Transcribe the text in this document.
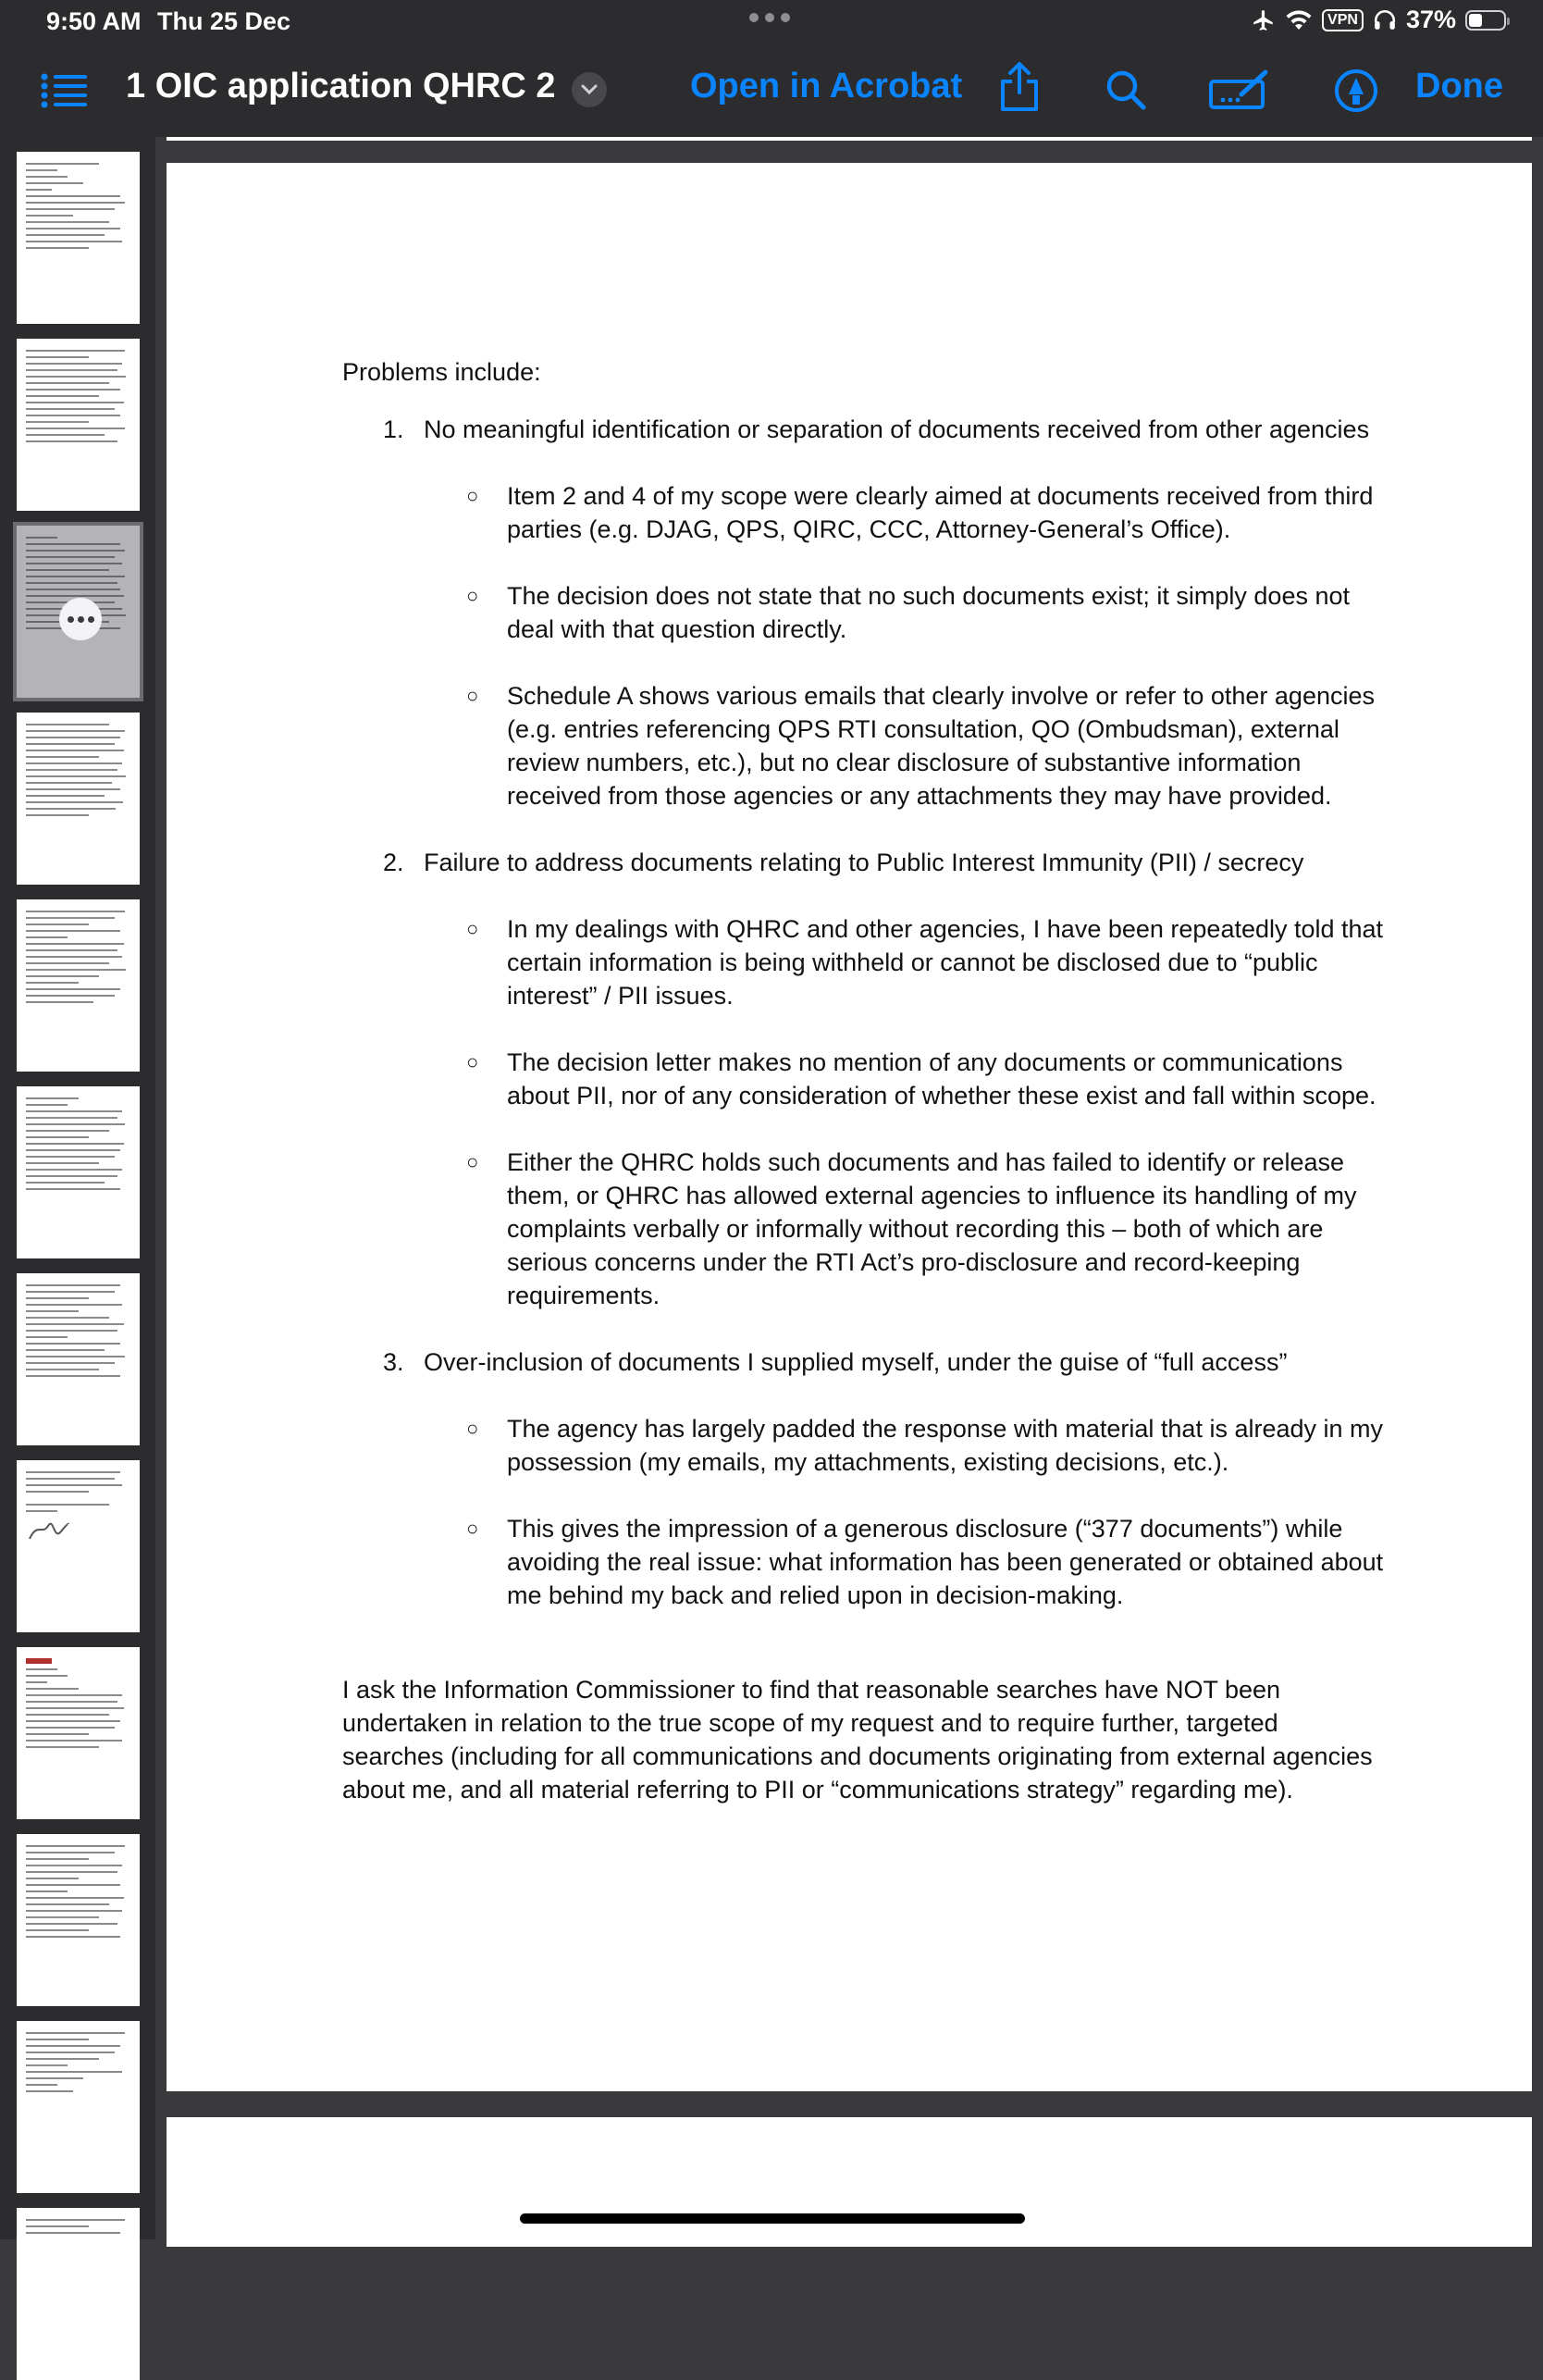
9:50 AM Thu 25 Dec	VPN 37%
1 OIC application QHRC 2	Open in Acrobat	Done

Problems include:

1. No meaningful identification or separation of documents received from other agencies
○	Item 2 and 4 of my scope were clearly aimed at documents received from third parties (e.g. DJAG, QPS, QIRC, CCC, Attorney-General’s Office).
○	The decision does not state that no such documents exist; it simply does not deal with that question directly.
○	Schedule A shows various emails that clearly involve or refer to other agencies (e.g. entries referencing QPS RTI consultation, QO (Ombudsman), external review numbers, etc.), but no clear disclosure of substantive information received from those agencies or any attachments they may have provided.
2. Failure to address documents relating to Public Interest Immunity (PII) / secrecy
○	In my dealings with QHRC and other agencies, I have been repeatedly told that certain information is being withheld or cannot be disclosed due to “public interest” / PII issues.
○	The decision letter makes no mention of any documents or communications about PII, nor of any consideration of whether these exist and fall within scope.
○	Either the QHRC holds such documents and has failed to identify or release them, or QHRC has allowed external agencies to influence its handling of my complaints verbally or informally without recording this – both of which are serious concerns under the RTI Act’s pro-disclosure and record-keeping requirements.
3. Over-inclusion of documents I supplied myself, under the guise of “full access”
○	The agency has largely padded the response with material that is already in my possession (my emails, my attachments, existing decisions, etc.).
○	This gives the impression of a generous disclosure (“377 documents”) while avoiding the real issue: what information has been generated or obtained about me behind my back and relied upon in decision-making.

I ask the Information Commissioner to find that reasonable searches have NOT been undertaken in relation to the true scope of my request and to require further, targeted searches (including for all communications and documents originating from external agencies about me, and all material referring to PII or “communications strategy” regarding me).
